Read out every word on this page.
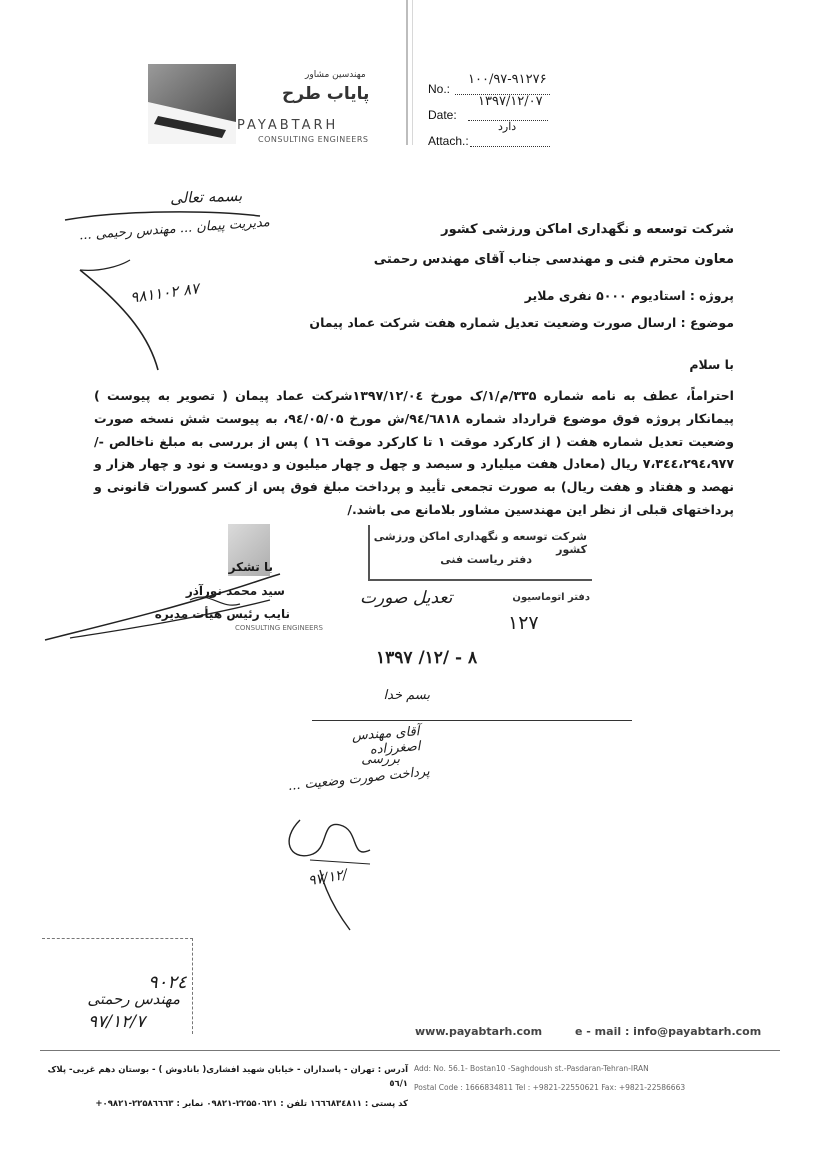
مهندسین مشاور
پایاب طرح
PAYABTARH
CONSULTING ENGINEERS
No.:
۱۰۰/۹۷-۹۱۲۷۶
Date:
۱۳۹۷/۱۲/۰۷
Attach.:
دارد
بسمه تعالی
مدیریت پیمان ... مهندس رحیمی ...
۹۸۱۱۰۲ ۸۷
شرکت توسعه و نگهداری اماکن ورزشی کشور
معاون محترم فنی و مهندسی جناب آقای مهندس رحمتی
پروژه : استادیوم ۵۰۰۰ نفری ملایر
موضوع : ارسال صورت وضعیت تعدیل شماره هفت شرکت عماد پیمان
با سلام
احتراماً، عطف به نامه شماره ۳۳۵/م/۱/ک مورخ ۱۳۹۷/۱۲/۰٤شرکت عماد پیمان ( تصویر به پیوست ) پیمانکار پروژه فوق موضوع قرارداد شماره ۹٤/٦۸۱۸/ش مورخ ۹٤/۰۵/۰۵، به پیوست شش نسخه صورت وضعیت تعدیل شماره هفت ( از کارکرد موقت ۱ تا کارکرد موقت ۱٦ ) پس از بررسی به مبلغ ناخالص -/۷،۳٤٤،۲۹٤،۹۷۷ ریال (معادل هفت میلیارد و سیصد و چهل و چهار میلیون و دویست و نود و چهار هزار و نهصد و هفتاد و هفت ریال) به صورت تجمعی تأیید و پرداخت مبلغ فوق پس از کسر کسورات قانونی و پرداختهای قبلی از نظر این مهندسین مشاور بلامانع می باشد./
با تشکر
سید محمد نورآذر
نایب رئیس هیأت مدیره
CONSULTING ENGINEERS
شرکت توسعه و نگهداری اماکن ورزشی کشور
دفتر ریاست فنی
تعدیل صورت	دفتر اتوماسیون
۱۲۷
۱۳۹۷ /۱۲/ - ۸
بسم خدا
آقای مهندس اصغرزاده
بررسی
پرداخت صورت وضعیت ...
۹۷/۱۲/
۹۰۲٤
مهندس رحمتی
۹۷/۱۲/۷	www.payabtarh.com	e - mail : info@payabtarh.com

آدرس : تهران - پاسداران - خیابان شهید افشاری( بانادوش ) - بوستان دهم غربی- پلاک ٥٦/۱

کد پستی : ۱٦٦٦۸۳٤۸۱۱ تلفن : ۲۲۵۵۰٦۲۱-۰۹۸۲۱ نمابر : ۲۲۵۸٦٦٦۳-۰۹۸۲۱+

Add: No. 56.1- Bostan10 -Saghdoush st.-Pasdaran-Tehran-IRAN
Postal Code : 1666834811 Tel : +9821-22550621 Fax: +9821-22586663
